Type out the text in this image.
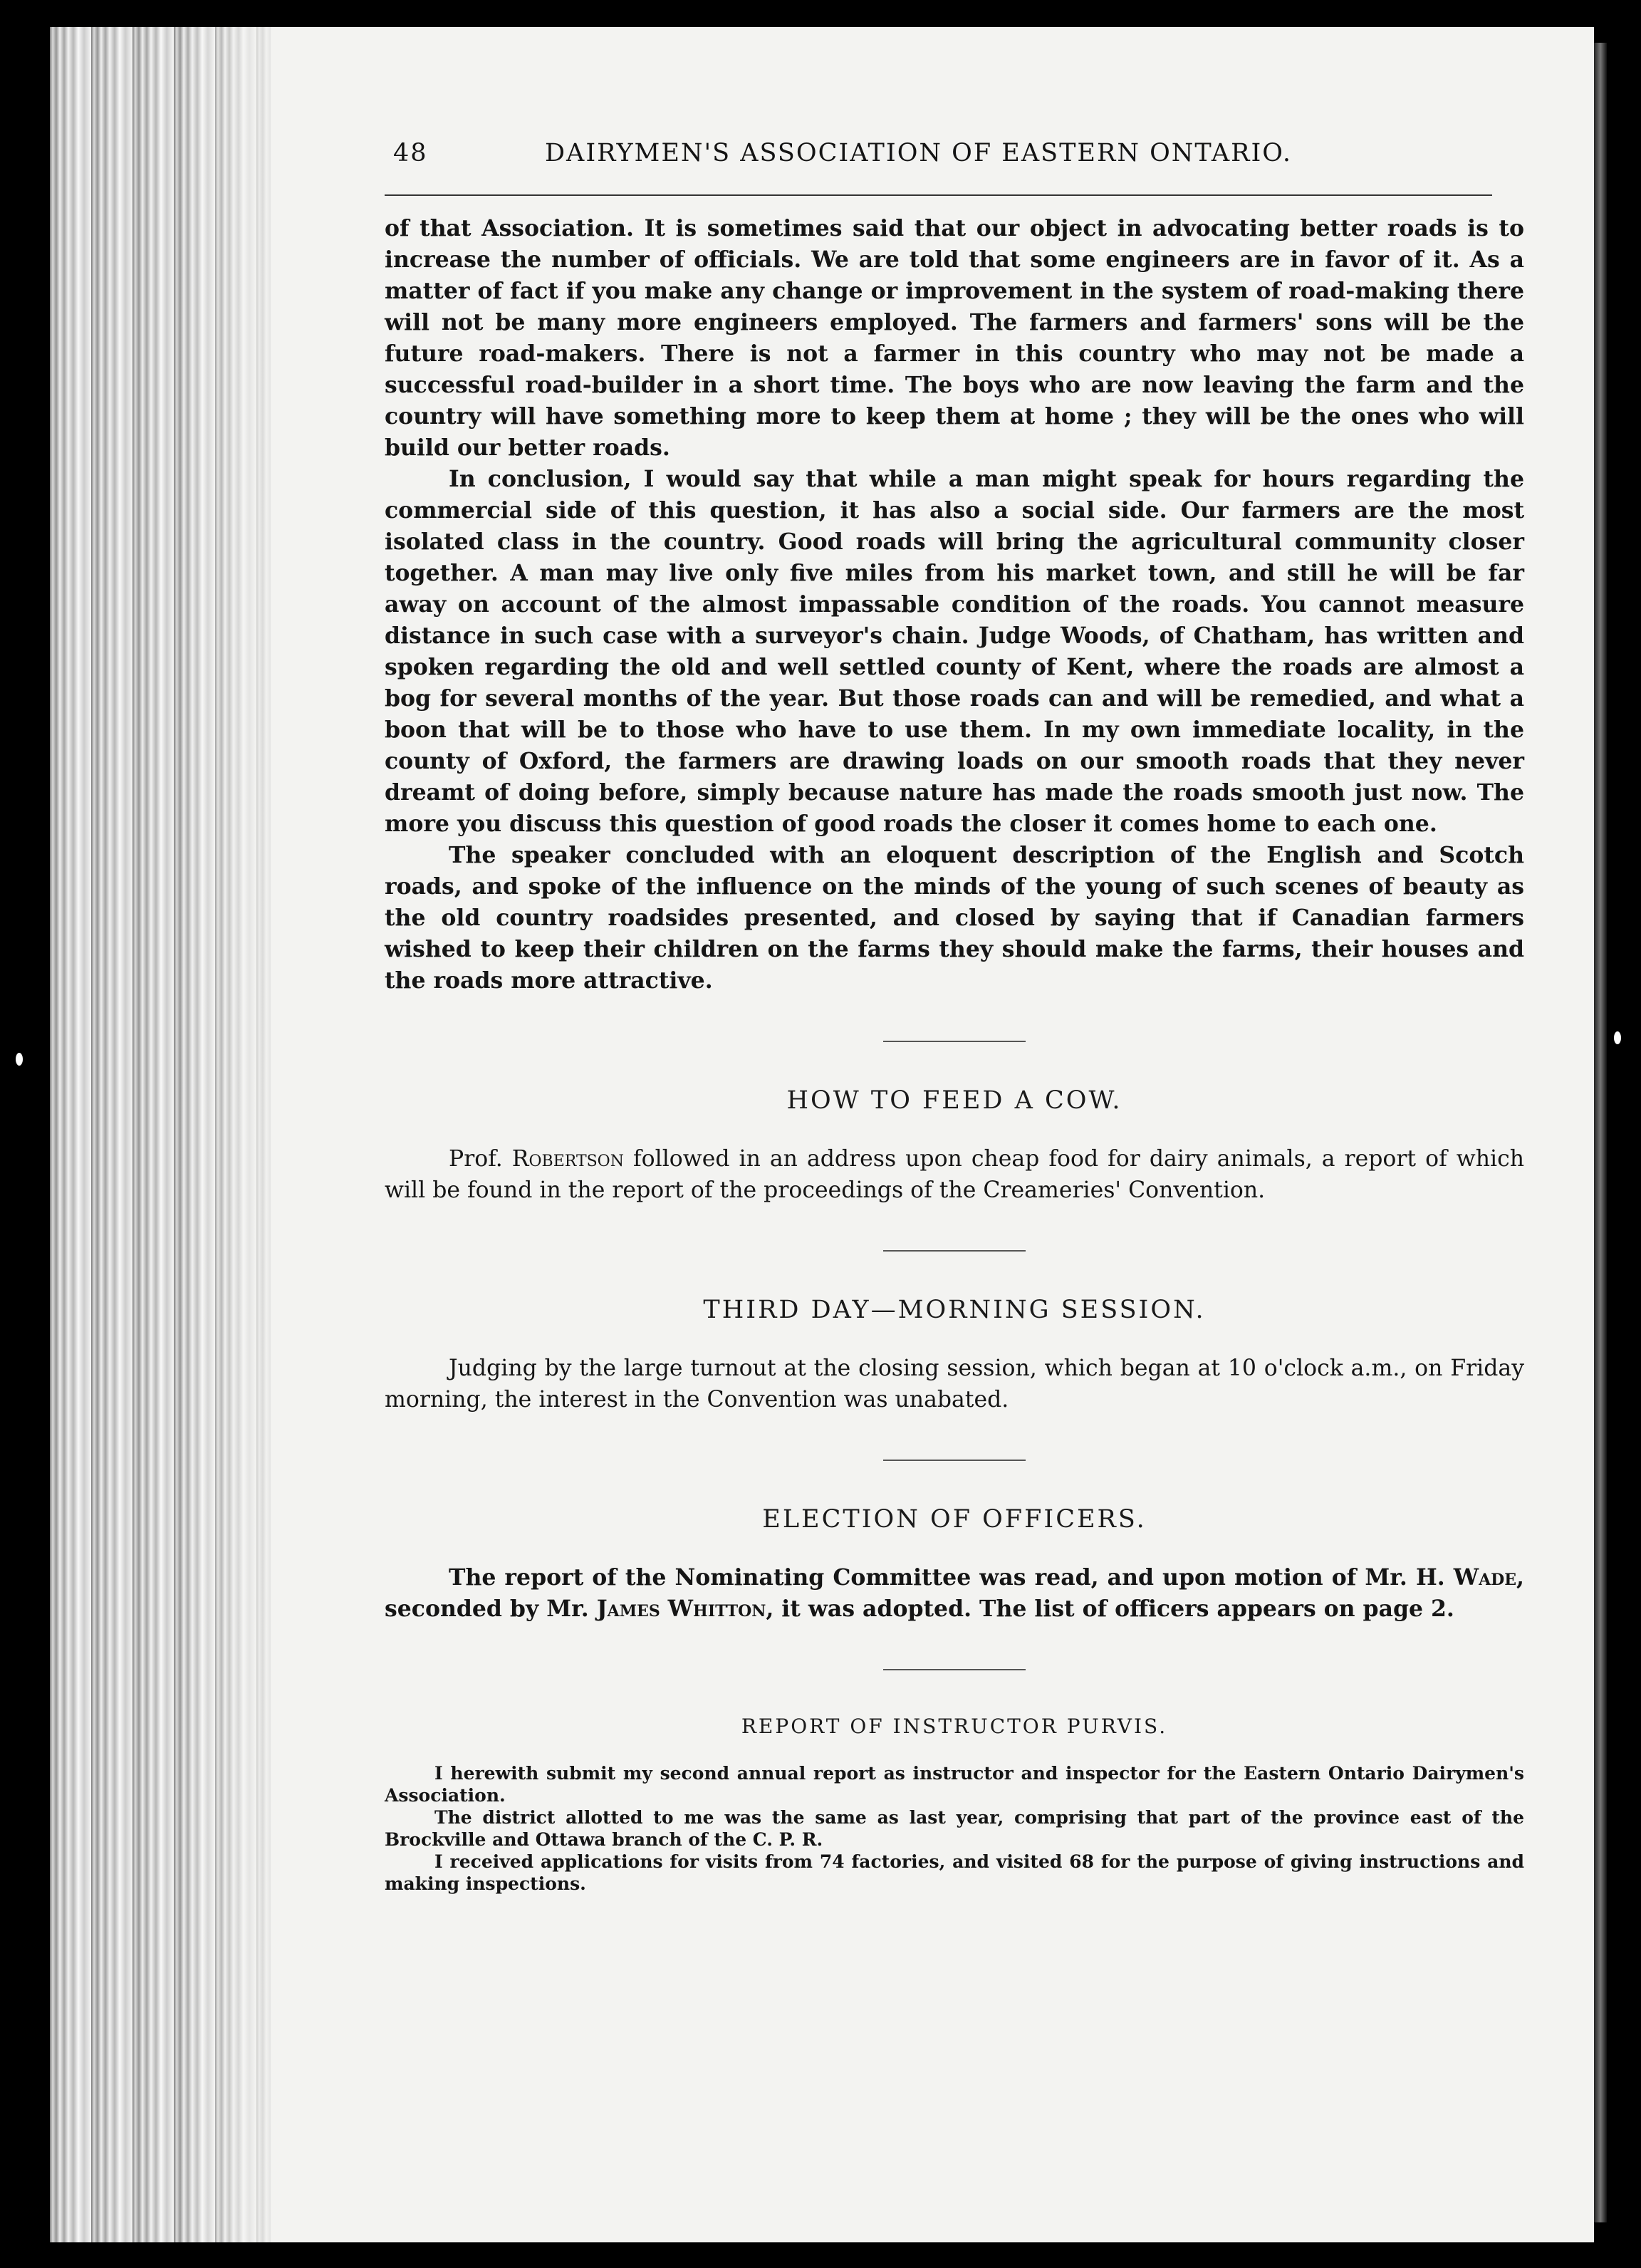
48	DAIRYMEN'S ASSOCIATION OF EASTERN ONTARIO.

of that Association. It is sometimes said that our object in advocating better roads is to increase the number of officials. We are told that some engineers are in favor of it. As a matter of fact if you make any change or improvement in the system of road-making there will not be many more engineers employed. The farmers and farmers' sons will be the future road-makers. There is not a farmer in this country who may not be made a successful road-builder in a short time. The boys who are now leaving the farm and the country will have something more to keep them at home ; they will be the ones who will build our better roads.

In conclusion, I would say that while a man might speak for hours regarding the commercial side of this question, it has also a social side. Our farmers are the most isolated class in the country. Good roads will bring the agricultural community closer together. A man may live only five miles from his market town, and still he will be far away on account of the almost impassable condition of the roads. You cannot measure distance in such case with a surveyor's chain. Judge Woods, of Chatham, has written and spoken regarding the old and well settled county of Kent, where the roads are almost a bog for several months of the year. But those roads can and will be remedied, and what a boon that will be to those who have to use them. In my own immediate locality, in the county of Oxford, the farmers are drawing loads on our smooth roads that they never dreamt of doing before, simply because nature has made the roads smooth just now. The more you discuss this question of good roads the closer it comes home to each one.

The speaker concluded with an eloquent description of the English and Scotch roads, and spoke of the influence on the minds of the young of such scenes of beauty as the old country roadsides presented, and closed by saying that if Canadian farmers wished to keep their children on the farms they should make the farms, their houses and the roads more attractive.

HOW TO FEED A COW.

Prof. Robertson followed in an address upon cheap food for dairy animals, a report of which will be found in the report of the proceedings of the Creameries' Convention.

THIRD DAY—MORNING SESSION.

Judging by the large turnout at the closing session, which began at 10 o'clock a.m., on Friday morning, the interest in the Convention was unabated.

ELECTION OF OFFICERS.

The report of the Nominating Committee was read, and upon motion of Mr. H. Wade, seconded by Mr. James Whitton, it was adopted. The list of officers appears on page 2.

REPORT OF INSTRUCTOR PURVIS.

I herewith submit my second annual report as instructor and inspector for the Eastern Ontario Dairymen's Association.

The district allotted to me was the same as last year, comprising that part of the province east of the Brockville and Ottawa branch of the C. P. R.

I received applications for visits from 74 factories, and visited 68 for the purpose of giving instructions and making inspections.
